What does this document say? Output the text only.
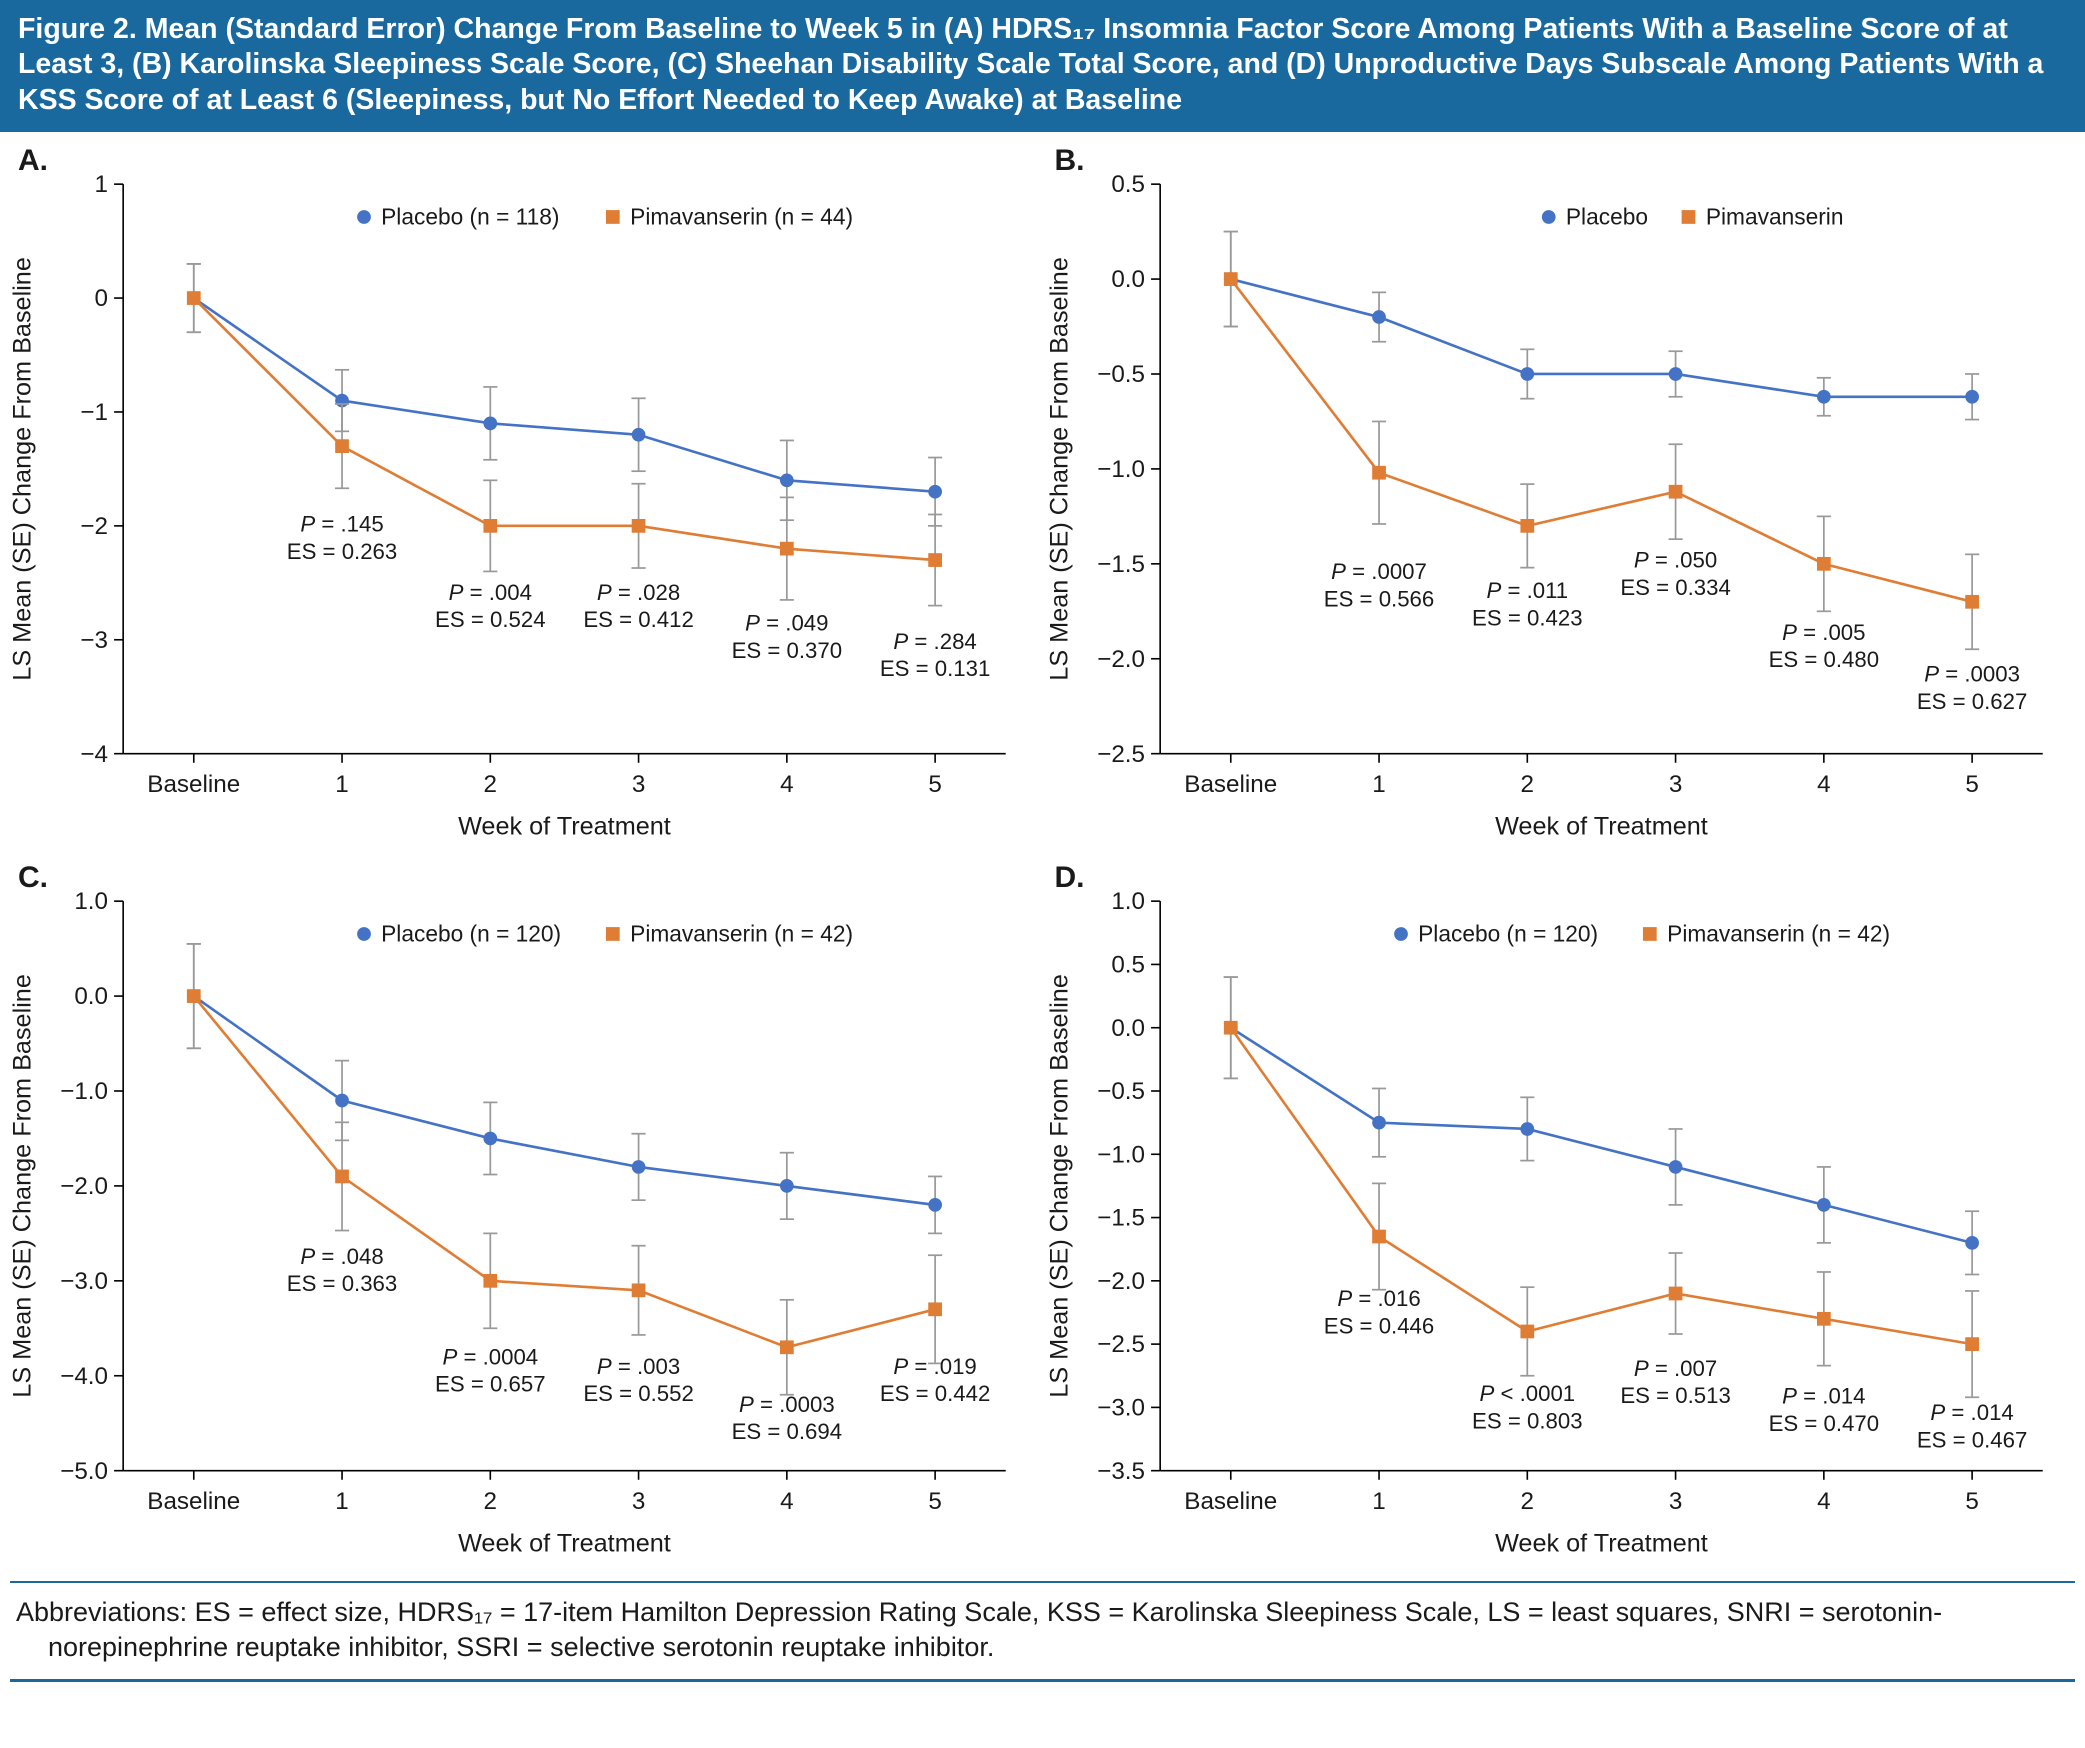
Figure 2. Mean (Standard Error) Change From Baseline to Week 5 in (A) HDRS₁₇ Insomnia Factor Score Among Patients With a Baseline Score of at Least 3, (B) Karolinska Sleepiness Scale Score, (C) Sheehan Disability Scale Total Score, and (D) Unproductive Days Subscale Among Patients With a KSS Score of at Least 6 (Sleepiness, but No Effort Needed to Keep Awake) at Baseline
A.
1
0
−1
−2
−3
−4
Baseline	1	2	3	4	5
Week of Treatment
LS Mean (SE) Change From Baseline	P = .145
ES = 0.263
P = .004
ES = 0.524
P = .028
ES = 0.412 P = .049
ES = 0.370 P = .284
ES = 0.131
Placebo (n = 118)	Pimavanserin (n = 44)
B.
0.5
0.0
−0.5
−1.0
−1.5
−2.0
−2.5
Baseline	1	2	3	4	5
Week of Treatment
LS Mean (SE) Change From Baseline	P = .0007
ES = 0.566 P = .011
ES = 0.423
P = .050
ES = 0.334
P = .005
ES = 0.480
P = .0003
ES = 0.627
Placebo	Pimavanserin
C.
1.0
0.0
−1.0
−2.0
−3.0
−4.0
−5.0
Baseline	1	2	3	4	5
Week of Treatment
LS Mean (SE) Change From Baseline	P = .048
ES = 0.363
P = .0004
ES = 0.657
P = .003
ES = 0.552 P = .0003
ES = 0.694
P = .019
ES = 0.442
Placebo (n = 120)	Pimavanserin (n = 42)
D.
1.0
0.5
0.0
−0.5
−1.0
−1.5
−2.0
−2.5
−3.0
−3.5
Baseline	1	2	3	4	5
Week of Treatment
LS Mean (SE) Change From Baseline	P = .016
ES = 0.446
P < .0001
ES = 0.803
P = .007
ES = 0.513 P = .014
ES = 0.470 P = .014
ES = 0.467
Placebo (n = 120)	Pimavanserin (n = 42)

Abbreviations: ES = effect size, HDRS₁₇ = 17-item Hamilton Depression Rating Scale, KSS = Karolinska Sleepiness Scale, LS = least squares, SNRI = serotonin-norepinephrine reuptake inhibitor, SSRI = selective serotonin reuptake inhibitor.
